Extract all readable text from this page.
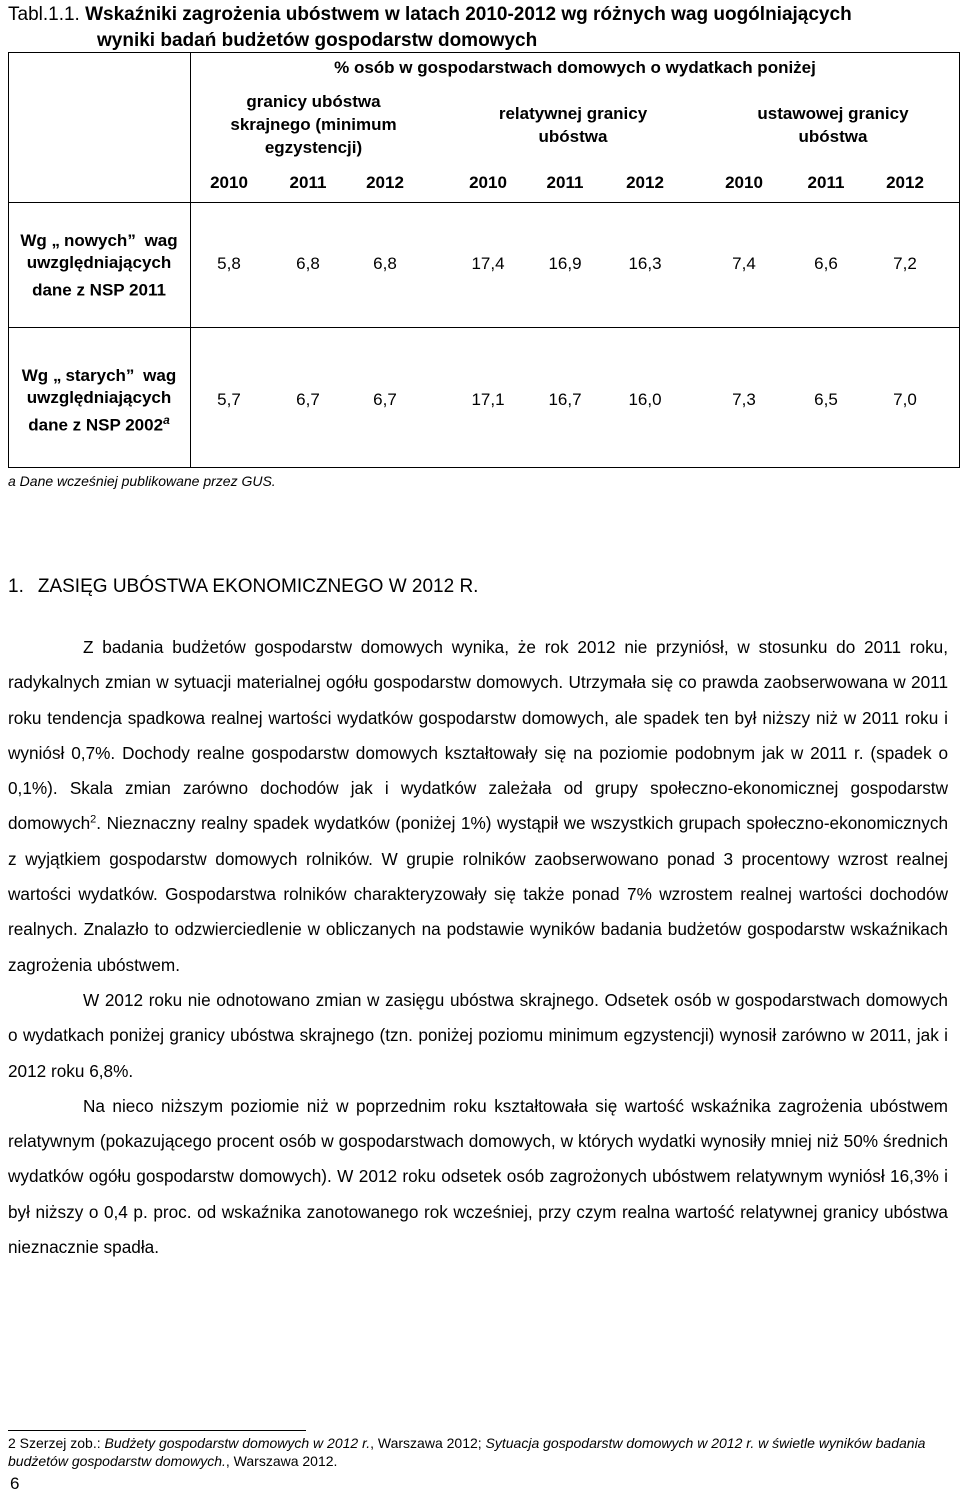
Tabl.1.1. Wskaźniki zagrożenia ubóstwem w latach 2010-2012 wg różnych wag uogólniających
wyniki badań budżetów gospodarstw domowych
% osób w gospodarstwach domowych o wydatkach poniżej
granicy ubóstwa
skrajnego (minimum
egzystencji)
relatywnej granicy
ubóstwa
ustawowej granicy
ubóstwa
2010	2011	2012	2010	2011	2012	2010	2011	2012
Wg „ nowych” wag
uwzględniających
dane z NSP 2011
5,8	6,8	6,8	17,4	16,9	16,3	7,4	6,6	7,2
Wg „ starych” wag
uwzględniających
dane z NSP 2002$^a$
5,7	6,7	6,7	17,1	16,7	16,0	7,3	6,5	7,0
a Dane wcześniej publikowane przez GUS.
1. ZASIĘG UBÓSTWA EKONOMICZNEGO W 2012 R.

Z badania budżetów gospodarstw domowych wynika, że rok 2012 nie przyniósł, w stosunku do 2011 roku, radykalnych zmian w sytuacji materialnej ogółu gospodarstw domowych. Utrzymała się co prawda zaobserwowana w 2011 roku tendencja spadkowa realnej wartości wydatków gospodarstw domowych, ale spadek ten był niższy niż w 2011 roku i wyniósł 0,7%. Dochody realne gospodarstw domowych kształtowały się na poziomie podobnym jak w 2011 r. (spadek o 0,1%). Skala zmian zarówno dochodów jak i wydatków zależała od grupy społeczno-ekonomicznej gospodarstw domowych$^2$. Nieznaczny realny spadek wydatków (poniżej 1%) wystąpił we wszystkich grupach społeczno-ekonomicznych z wyjątkiem gospodarstw domowych rolników. W grupie rolników zaobserwowano ponad 3 procentowy wzrost realnej wartości wydatków. Gospodarstwa rolników charakteryzowały się także ponad 7% wzrostem realnej wartości dochodów realnych. Znalazło to odzwierciedlenie w obliczanych na podstawie wyników badania budżetów gospodarstw wskaźnikach zagrożenia ubóstwem.

W 2012 roku nie odnotowano zmian w zasięgu ubóstwa skrajnego. Odsetek osób w gospodarstwach domowych o wydatkach poniżej granicy ubóstwa skrajnego (tzn. poniżej poziomu minimum egzystencji) wynosił zarówno w 2011, jak i 2012 roku 6,8%.

Na nieco niższym poziomie niż w poprzednim roku kształtowała się wartość wskaźnika zagrożenia ubóstwem relatywnym (pokazującego procent osób w gospodarstwach domowych, w których wydatki wynosiły mniej niż 50% średnich wydatków ogółu gospodarstw domowych). W 2012 roku odsetek osób zagrożonych ubóstwem relatywnym wyniósł 16,3% i był niższy o 0,4 p. proc. od wskaźnika zanotowanego rok wcześniej, przy czym realna wartość relatywnej granicy ubóstwa nieznacznie spadła.

2 Szerzej zob.: Budżety gospodarstw domowych w 2012 r., Warszawa 2012; Sytuacja gospodarstw domowych w 2012 r. w świetle wyników badania budżetów gospodarstw domowych., Warszawa 2012.
6
